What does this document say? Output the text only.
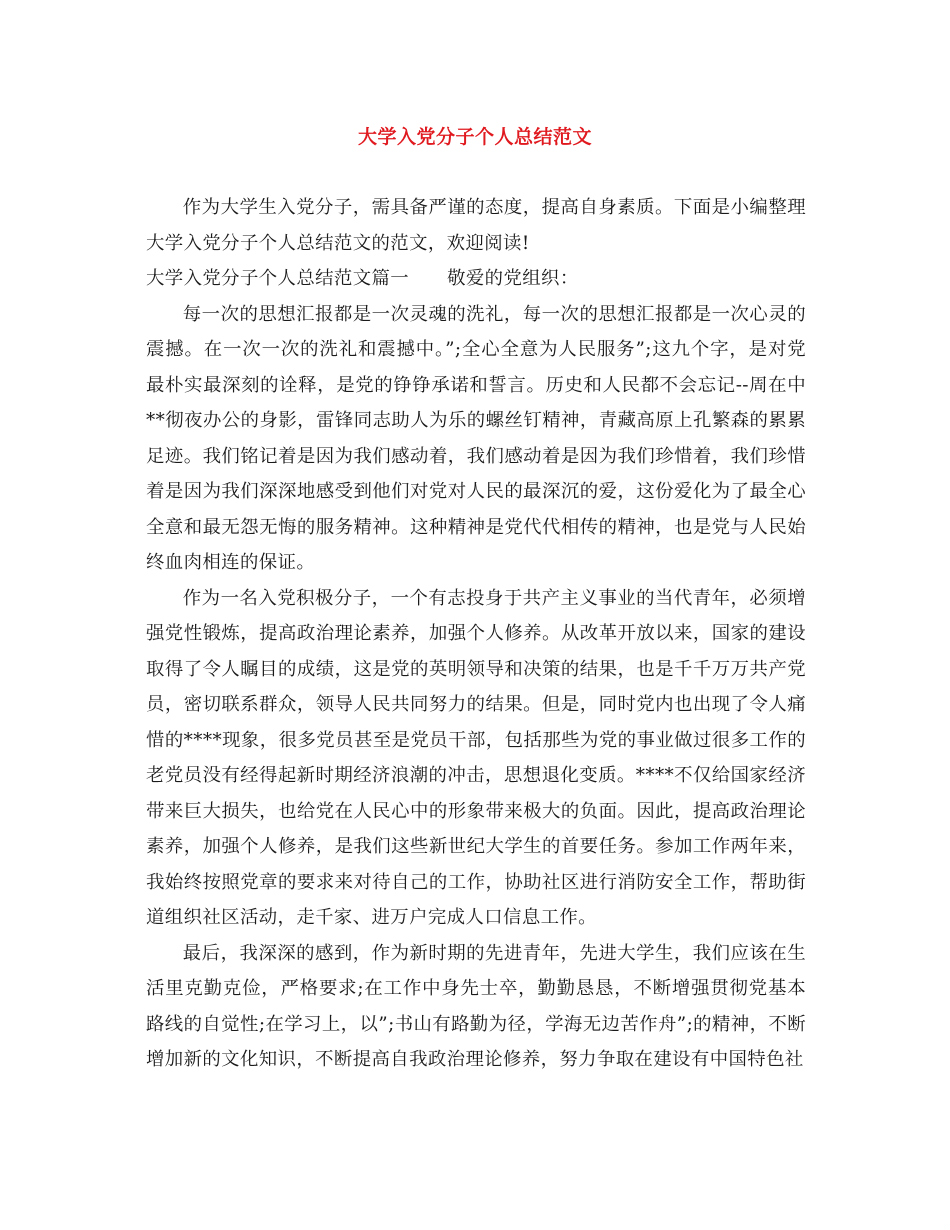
大学入党分子个人总结范文

作为大学生入党分子，需具备严谨的态度，提高自身素质。下面是小编整理大学入党分子个人总结范文的范文，欢迎阅读!

大学入党分子个人总结范文篇一 敬爱的党组织：

每一次的思想汇报都是一次灵魂的洗礼，每一次的思想汇报都是一次心灵的震撼。在一次一次的洗礼和震撼中。”;全心全意为人民服务”;这九个字，是对党最朴实最深刻的诠释，是党的铮铮承诺和誓言。历史和人民都不会忘记--周在中**彻夜办公的身影，雷锋同志助人为乐的螺丝钉精神，青藏高原上孔繁森的累累足迹。我们铭记着是因为我们感动着，我们感动着是因为我们珍惜着，我们珍惜着是因为我们深深地感受到他们对党对人民的最深沉的爱，这份爱化为了最全心全意和最无怨无悔的服务精神。这种精神是党代代相传的精神，也是党与人民始终血肉相连的保证。

作为一名入党积极分子，一个有志投身于共产主义事业的当代青年，必须增强党性锻炼，提高政治理论素养，加强个人修养。从改革开放以来，国家的建设取得了令人瞩目的成绩，这是党的英明领导和决策的结果，也是千千万万共产党员，密切联系群众，领导人民共同努力的结果。但是，同时党内也出现了令人痛惜的****现象，很多党员甚至是党员干部，包括那些为党的事业做过很多工作的老党员没有经得起新时期经济浪潮的冲击，思想退化变质。****不仅给国家经济带来巨大损失，也给党在人民心中的形象带来极大的负面。因此，提高政治理论素养，加强个人修养，是我们这些新世纪大学生的首要任务。参加工作两年来，我始终按照党章的要求来对待自己的工作，协助社区进行消防安全工作，帮助街道组织社区活动，走千家、进万户完成人口信息工作。

最后，我深深的感到，作为新时期的先进青年，先进大学生，我们应该在生活里克勤克俭，严格要求;在工作中身先士卒，勤勤恳恳，不断增强贯彻党基本路线的自觉性;在学习上，以”;书山有路勤为径，学海无边苦作舟”;的精神，不断增加新的文化知识，不断提高自我政治理论修养，努力争取在建设有中国特色社
